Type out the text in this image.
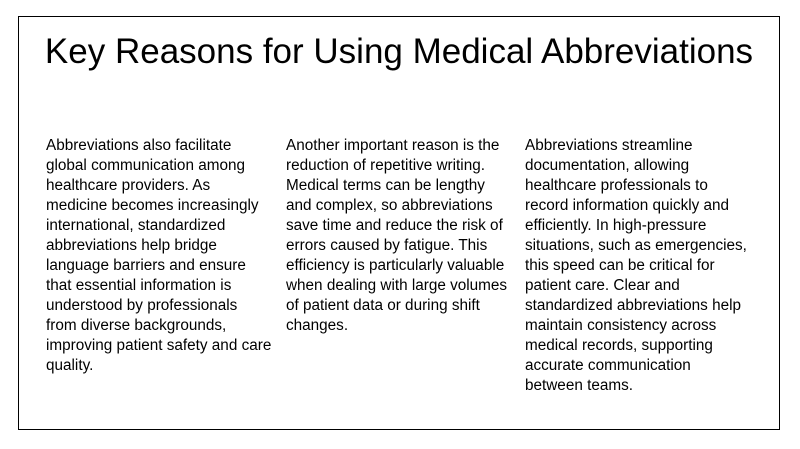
Key Reasons for Using Medical Abbreviations

Abbreviations also facilitate global communication among healthcare providers. As medicine becomes increasingly international, standardized abbreviations help bridge language barriers and ensure that essential information is understood by professionals from diverse backgrounds, improving patient safety and care quality.

Another important reason is the reduction of repetitive writing. Medical terms can be lengthy and complex, so abbreviations save time and reduce the risk of errors caused by fatigue. This efficiency is particularly valuable when dealing with large volumes of patient data or during shift changes.

Abbreviations streamline documentation, allowing healthcare professionals to record information quickly and efficiently. In high-pressure situations, such as emergencies, this speed can be critical for patient care. Clear and standardized abbreviations help maintain consistency across medical records, supporting accurate communication between teams.
